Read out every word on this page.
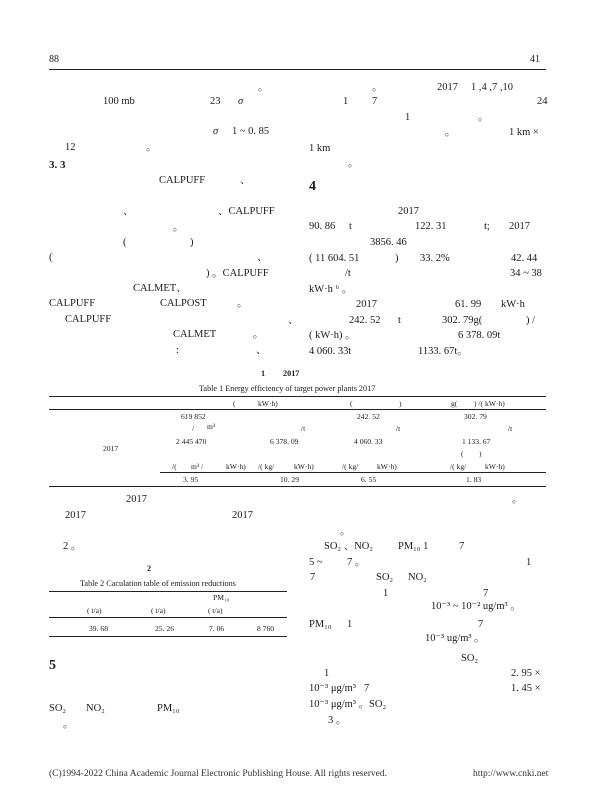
88	41
。
100 mb	23 σ
σ 1 ~ 0. 85
12	。
3. 3
CALPUFF	、
、	、CALPUFF
。
(	)
(	、
) 。CALPUFF
CALMET、
CALPUFF	CALPOST	。
CALPUFF
CALMET	。
:	、
。	2017 1 ,4 ,7 ,10
1 7	24
1	。
。	1 km ×
1 km
。
4
2017
90. 86 t	122. 31	t; 2017
3856. 46
( 11 604. 51	) 33. 2%	42. 44
/t	34 ~ 38
kW·h ⁶ 。
2017	61. 99 kW·h
、	242. 52 t	302. 79g(	) /
( kW·h) 。	6 378. 09t
4 060. 33t	1133. 67t。
1 2017
Table 1 Energy efficiency of target power plants 2017
(	kW·h)	(	)	g( ) /( kW·h)
619 852	242. 52	302. 79
/ m³	/t	/t	/t
2 445 470	6 378. 09	4 060. 33	1 133. 67
2017
( )
/( m³ /	kW·h) /( kg/	kW·h)	/( kg/ kW·h)	/( kg/ kW·h)
3. 95	10. 29	6. 55	1. 83
2017
2017	2017
2 。
2
Table 2 Caculation table of emission reductions
PM₁₀
( t/a)	( t/a)	( t/a)
39. 68	25. 26	7. 06	8 760
5
SO₂ NO₂	PM₁₀
。
。
。
SO₂ 、NO₂ PM₁₀ 1	7
5 ~ 7 。	1
7	SO₂ NO₂
1	7
10⁻³ ~ 10⁻² ug/m³ 。
PM₁₀ 1	7
10⁻³ ug/m³ 。
SO₂
1	2. 95 ×
10⁻³ μg/m³ 7	1. 45 ×
10⁻³ μg/m³ 。SO₂
3 。
(C)1994-2022 China Academic Journal Electronic Publishing House. All rights reserved.	http://www.cnki.net
